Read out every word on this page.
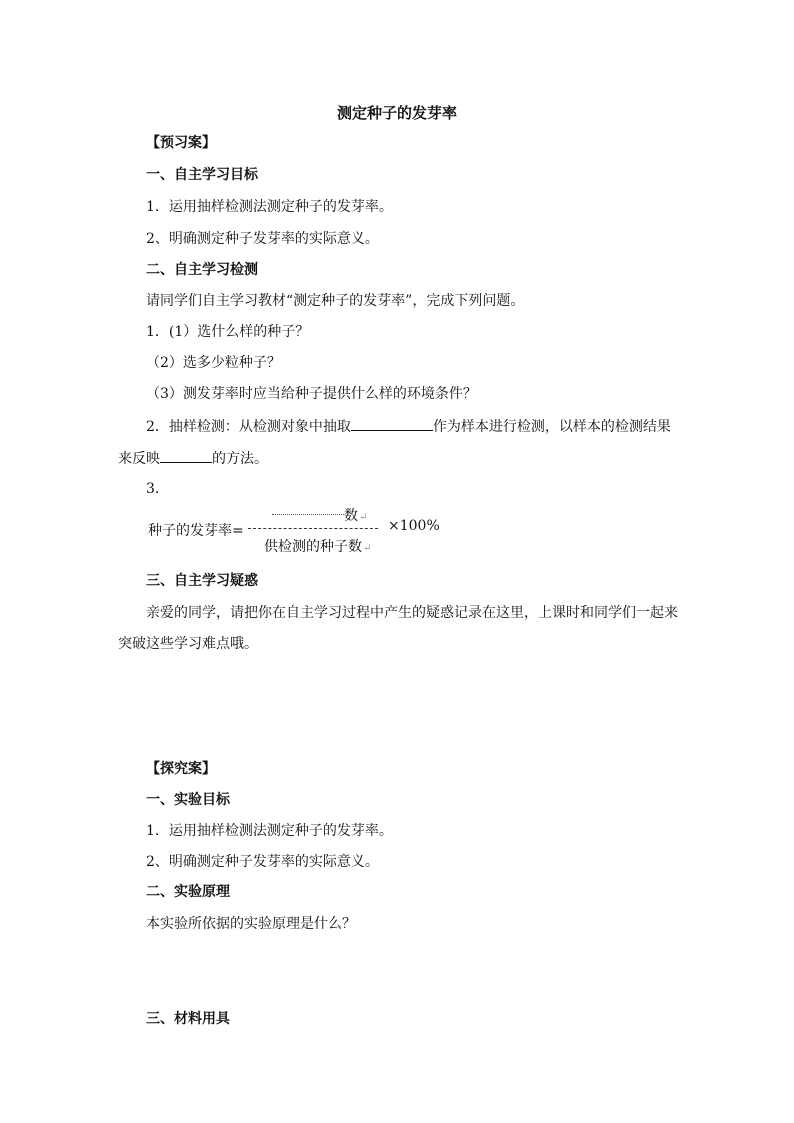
测定种子的发芽率
【预习案】
一、自主学习目标
1．运用抽样检测法测定种子的发芽率。
2、明确测定种子发芽率的实际意义。
二、自主学习检测
请同学们自主学习教材“测定种子的发芽率”，完成下列问题。
1．(1）选什么样的种子？
（2）选多少粒种子？
（3）测发芽率时应当给种子提供什么样的环境条件？
2．抽样检测：从检测对象中抽取	作为样本进行检测，以样本的检测结果
来反映	的方法。
3．
种子的发芽率=
数↵
供检测的种子数↵
×100%
三、自主学习疑惑
亲爱的同学，请把你在自主学习过程中产生的疑惑记录在这里，上课时和同学们一起来
突破这些学习难点哦。
【探究案】
一、实验目标
1．运用抽样检测法测定种子的发芽率。
2、明确测定种子发芽率的实际意义。
二、实验原理
本实验所依据的实验原理是什么？
三、材料用具
